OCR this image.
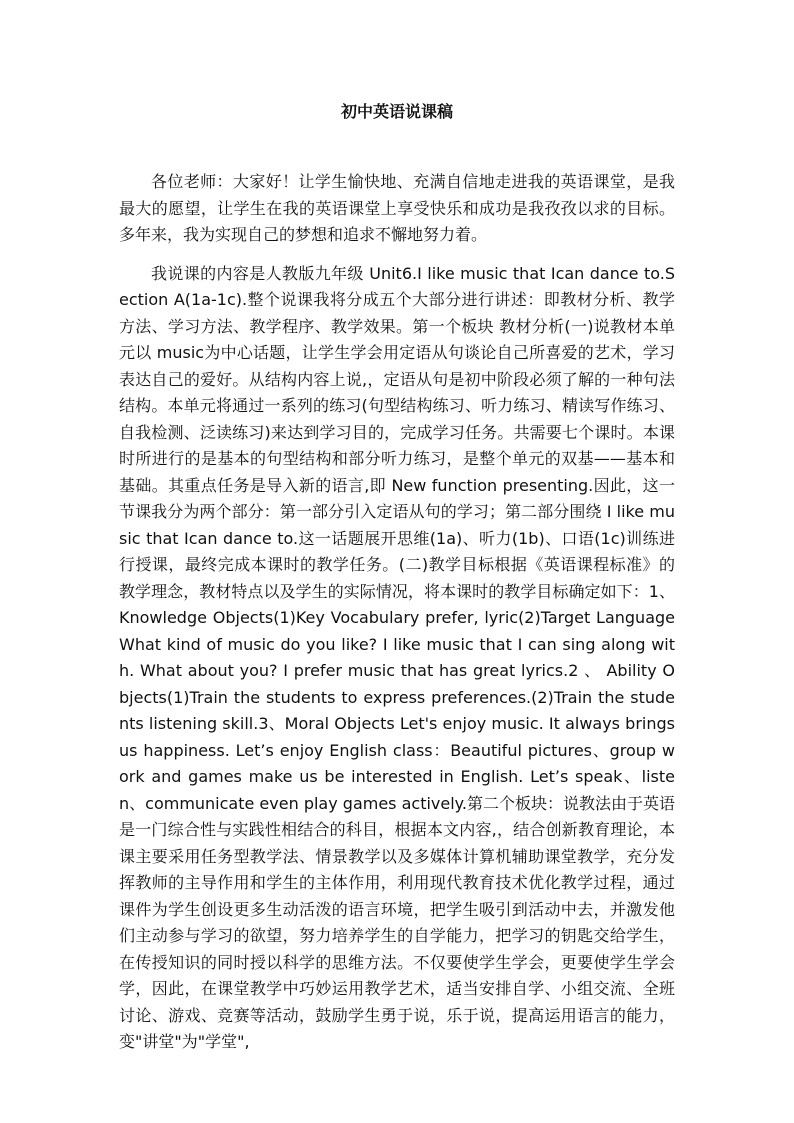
初中英语说课稿

各位老师：大家好！让学生愉快地、充满自信地走进我的英语课堂，是我最大的愿望，让学生在我的英语课堂上享受快乐和成功是我孜孜以求的目标。多年来，我为实现自己的梦想和追求不懈地努力着。

我说课的内容是人教版九年级 Unit6.I like music that Ican dance to.Section A(1a-1c).整个说课我将分成五个大部分进行讲述：即教材分析、教学方法、学习方法、教学程序、教学效果。第一个板块 教材分析(一)说教材本单元以 music为中心话题，让学生学会用定语从句谈论自己所喜爱的艺术，学习表达自己的爱好。从结构内容上说,，定语从句是初中阶段必须了解的一种句法结构。本单元将通过一系列的练习(句型结构练习、听力练习、精读写作练习、自我检测、泛读练习)来达到学习目的，完成学习任务。共需要七个课时。本课时所进行的是基本的句型结构和部分听力练习，是整个单元的双基——基本和基础。其重点任务是导入新的语言,即 New function presenting.因此，这一节课我分为两个部分：第一部分引入定语从句的学习；第二部分围绕 I like music that Ican dance to.这一话题展开思维(1a)、听力(1b)、口语(1c)训练进行授课，最终完成本课时的教学任务。(二)教学目标根据《英语课程标准》的教学理念，教材特点以及学生的实际情况，将本课时的教学目标确定如下：1、Knowledge Objects(1)Key Vocabulary prefer, lyric(2)Target Language What kind of music do you like? I like music that I can sing along with. What about you? I prefer music that has great lyrics.2 、 Ability Objects(1)Train the students to express preferences.(2)Train the students listening skill.3、Moral Objects Let's enjoy music. It always brings us happiness. Let’s enjoy English class：Beautiful pictures、group work and games make us be interested in English. Let’s speak、listen、communicate even play games actively.第二个板块：说教法由于英语是一门综合性与实践性相结合的科目，根据本文内容,，结合创新教育理论，本课主要采用任务型教学法、情景教学以及多媒体计算机辅助课堂教学，充分发挥教师的主导作用和学生的主体作用，利用现代教育技术优化教学过程，通过课件为学生创设更多生动活泼的语言环境，把学生吸引到活动中去，并激发他们主动参与学习的欲望，努力培养学生的自学能力，把学习的钥匙交给学生，在传授知识的同时授以科学的思维方法。不仅要使学生学会，更要使学生学会学，因此，在课堂教学中巧妙运用教学艺术，适当安排自学、小组交流、全班讨论、游戏、竞赛等活动，鼓励学生勇于说，乐于说，提高运用语言的能力，变"讲堂"为"学堂",
